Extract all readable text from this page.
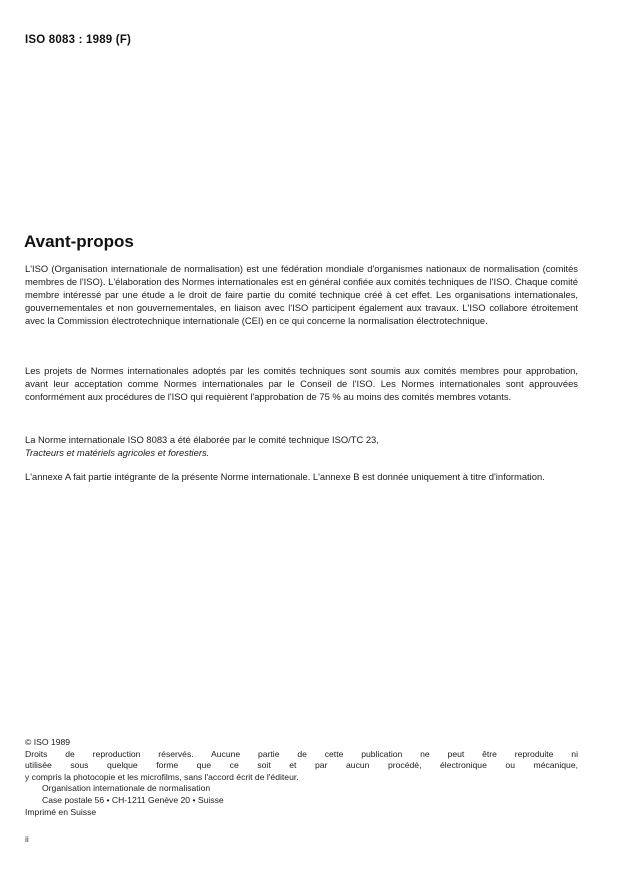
ISO 8083 : 1989 (F)
Avant-propos

L'ISO (Organisation internationale de normalisation) est une fédération mondiale d'organismes nationaux de normalisation (comités membres de l'ISO). L'élaboration des Normes internationales est en général confiée aux comités techniques de l'ISO. Chaque comité membre intéressé par une étude a le droit de faire partie du comité technique créé à cet effet. Les organisations internationales, gouvernementales et non gouvernementales, en liaison avec l'ISO participent également aux travaux. L'ISO collabore étroitement avec la Commission électrotechnique internationale (CEI) en ce qui concerne la normalisation électrotechnique.

Les projets de Normes internationales adoptés par les comités techniques sont soumis aux comités membres pour approbation, avant leur acceptation comme Normes internationales par le Conseil de l'ISO. Les Normes internationales sont approuvées conformément aux procédures de l'ISO qui requièrent l'approbation de 75 % au moins des comités membres votants.

La Norme internationale ISO 8083 a été élaborée par le comité technique ISO/TC 23,
Tracteurs et matériels agricoles et forestiers.

L'annexe A fait partie intégrante de la présente Norme internationale. L'annexe B est donnée uniquement à titre d'information.

© ISO 1989
Droits de reproduction réservés. Aucune partie de cette publication ne peut être reproduite ni
utilisée sous quelque forme que ce soit et par aucun procédé, électronique ou mécanique,
y compris la photocopie et les microfilms, sans l'accord écrit de l'éditeur.
Organisation internationale de normalisation
Case postale 56 • CH-1211 Genève 20 • Suisse
Imprimé en Suisse
ii
